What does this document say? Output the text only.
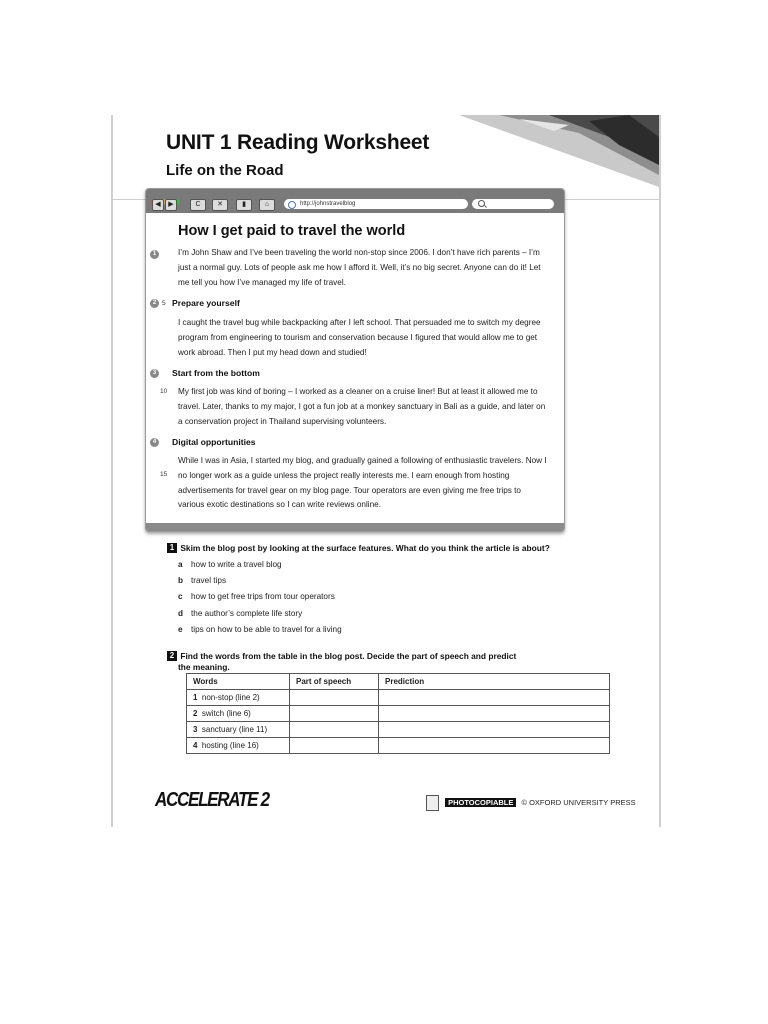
UNIT 1 Reading Worksheet
Life on the Road

◀	▶	C	✕	▮	⌂	http://johnstravelblog
How I get paid to travel the world
1	I’m John Shaw and I’ve been traveling the world non-stop since 2006. I don’t have rich parents – I’m just a normal guy. Lots of people ask me how I afford it. Well, it’s no big secret. Anyone can do it! Let me tell you how I’ve managed my life of travel.
2 5 Prepare yourself
I caught the travel bug while backpacking after I left school. That persuaded me to switch my degree program from engineering to tourism and conservation because I figured that would allow me to get work abroad. Then I put my head down and studied!
3	Start from the bottom
10 My first job was kind of boring – I worked as a cleaner on a cruise liner! But at least it allowed me to travel. Later, thanks to my major, I got a fun job at a monkey sanctuary in Bali as a guide, and later on a conservation project in Thailand supervising volunteers.
4	Digital opportunities
15
While I was in Asia, I started my blog, and gradually gained a following of enthusiastic travelers. Now I no longer work as a guide unless the project really interests me. I earn enough from hosting advertisements for travel gear on my blog page. Tour operators are even giving me free trips to various exotic destinations so I can write reviews online.
1 Skim the blog post by looking at the surface features. What do you think the article is about?
a how to write a travel blog
b travel tips
c how to get free trips from tour operators
d the author’s complete life story
e tips on how to be able to travel for a living
2 Find the words from the table in the blog post. Decide the part of speech and predict
the meaning.
Words	Part of speech	Prediction
1 non-stop (line 2)		
2 switch (line 6)		
3 sanctuary (line 11)		
4 hosting (line 16)		
ACCELERATE 2	PHOTOCOPIABLE © OXFORD UNIVERSITY PRESS
